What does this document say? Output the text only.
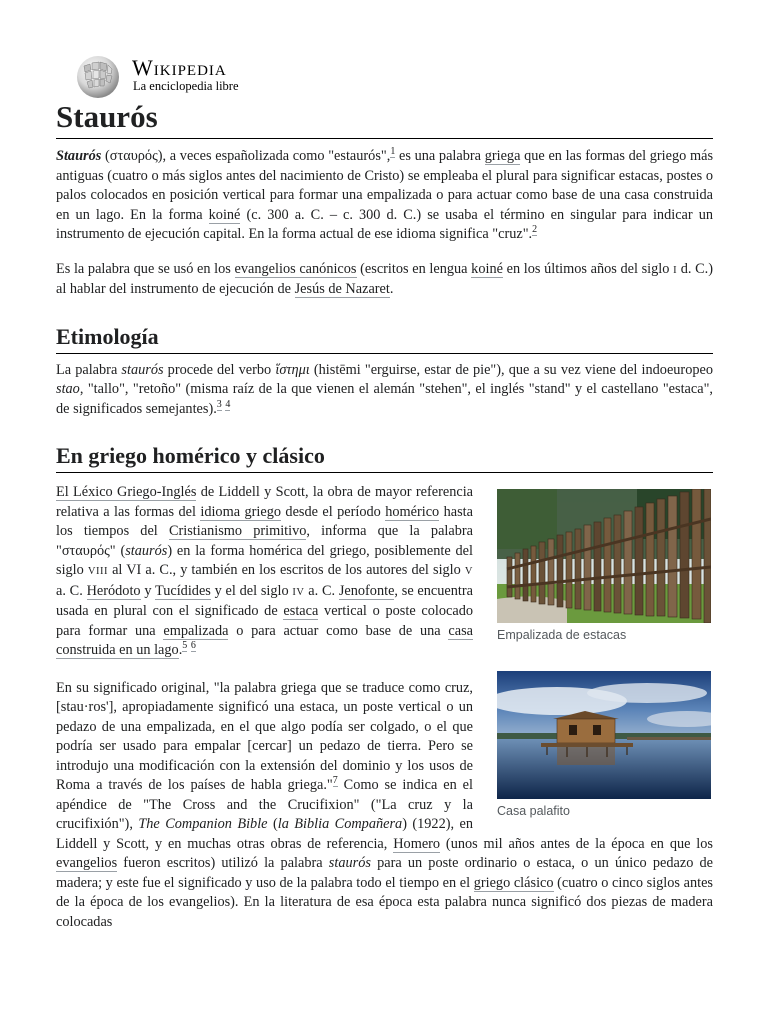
Wikipedia
La enciclopedia libre
Staurós

Staurós (σταυρός), a veces españolizada como "estaurós",$^1$ es una palabra griega que en las formas del griego más antiguas (cuatro o más siglos antes del nacimiento de Cristo) se empleaba el plural para significar estacas, postes o palos colocados en posición vertical para formar una empalizada o para actuar como base de una casa construida en un lago. En la forma koiné (c. 300 a. C. – c. 300 d. C.) se usaba el término en singular para indicar un instrumento de ejecución capital. En la forma actual de ese idioma significa "cruz".$^2$

Es la palabra que se usó en los evangelios canónicos (escritos en lengua koiné en los últimos años del siglo I d. C.) al hablar del instrumento de ejecución de Jesús de Nazaret.

Etimología

La palabra staurós procede del verbo ἵστημι (histēmi "erguirse, estar de pie"), que a su vez viene del indoeuropeo stao, "tallo", "retoño" (misma raíz de la que vienen el alemán "stehen", el inglés "stand" y el castellano "estaca", de significados semejantes).$^3$ $^4$

En griego homérico y clásico
Empalizada de estacas

El Léxico Griego-Inglés de Liddell y Scott, la obra de mayor referencia relativa a las formas del idioma griego desde el período homérico hasta los tiempos del Cristianismo primitivo, informa que la palabra "σταυρός" (staurós) en la forma homérica del griego, posiblemente del siglo VIII al VI a. C., y también en los escritos de los autores del siglo V a. C. Heródoto y Tucídides y el del siglo IV a. C. Jenofonte, se encuentra usada en plural con el significado de estaca vertical o poste colocado para formar una empalizada o para actuar como base de una casa construida en un lago.$^5$ $^6$

Casa palafito

En su significado original, "la palabra griega que se traduce como cruz, [stau·ros'], apropiadamente significó una estaca, un poste vertical o un pedazo de una empalizada, en el que algo podía ser colgado, o el que podría ser usado para empalar [cercar] un pedazo de tierra. Pero se introdujo una modificación con la extensión del dominio y los usos de Roma a través de los países de habla griega."$^7$ Como se indica en el apéndice de "The Cross and the Crucifixion" ("La cruz y la crucifixión"), The Companion Bible (la Biblia Compañera) (1922), en Liddell y Scott, y en muchas otras obras de referencia, Homero (unos mil años antes de la época en que los evangelios fueron escritos) utilizó la palabra staurós para un poste ordinario o estaca, o un único pedazo de madera; y este fue el significado y uso de la palabra todo el tiempo en el griego clásico (cuatro o cinco siglos antes de la época de los evangelios). En la literatura de esa época esta palabra nunca significó dos piezas de madera colocadas
